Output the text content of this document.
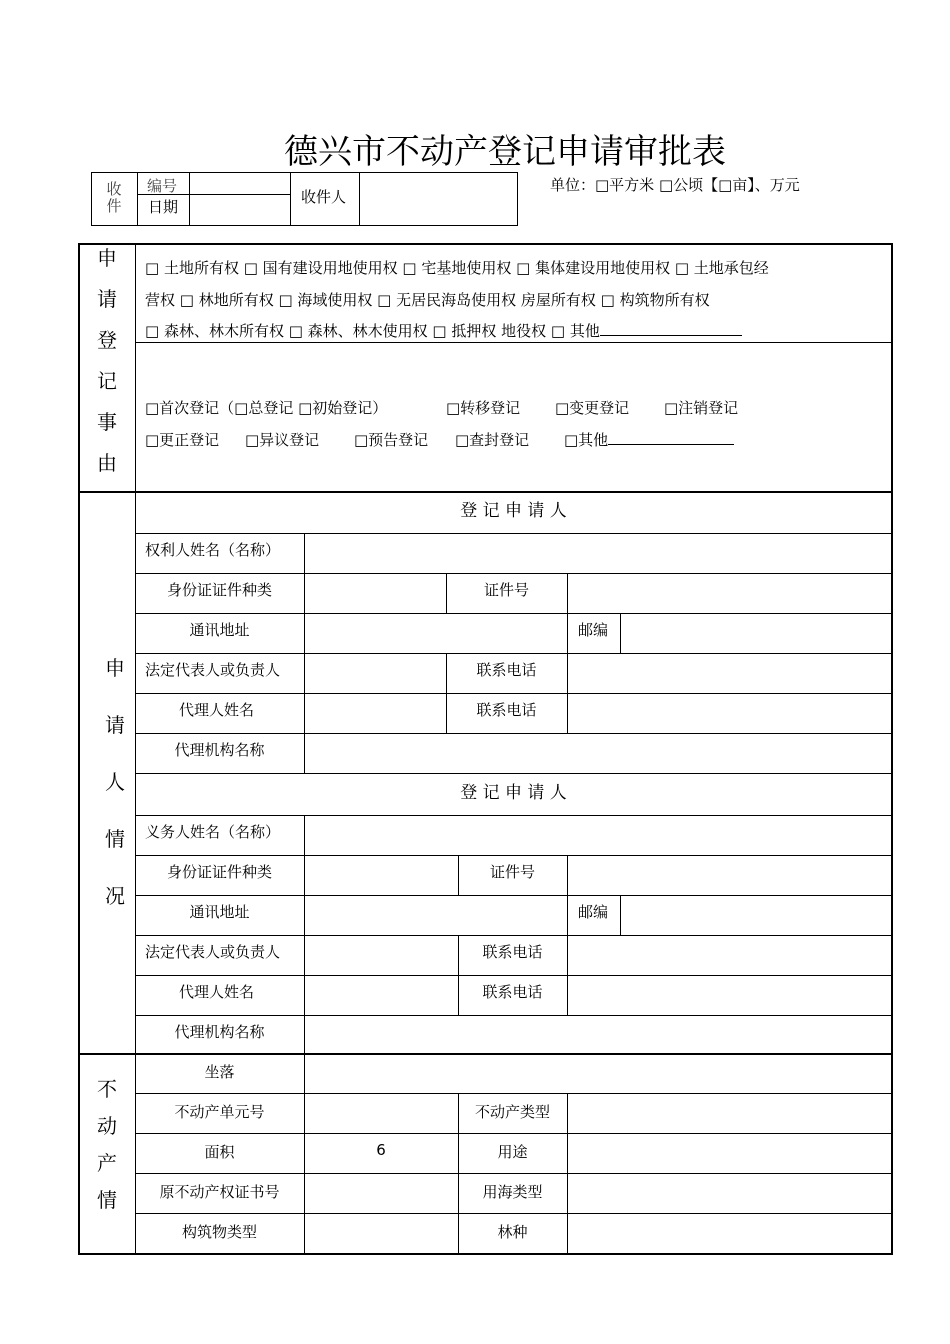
德兴市不动产登记申请审批表
单位：□平方米 □公顷【□亩】、万元
收
件
编号
日期
收件人
申
请
登
记
事
由
□ 土地所有权 □ 国有建设用地使用权 □ 宅基地使用权 □ 集体建设用地使用权 □ 土地承包经
营权 □ 林地所有权 □ 海域使用权 □ 无居民海岛使用权 房屋所有权 □ 构筑物所有权
□ 森林、林木所有权 □ 森林、林木使用权 □ 抵押权 地役权 □ 其他
□首次登记（□总登记 □初始登记）	□转移登记 □变更登记 □注销登记
□更正登记 □异议登记 □预告登记 □查封登记 □其他
申
请
人
情
况
登 记 申 请 人
权利人姓名（名称）
身份证证件种类	证件号
通讯地址	邮编
法定代表人或负责人	联系电话
代理人姓名	联系电话
代理机构名称
登 记 申 请 人
义务人姓名（名称）
身份证证件种类	证件号
通讯地址	邮编
法定代表人或负责人	联系电话
代理人姓名	联系电话
代理机构名称
不
动
产
情
坐落
不动产单元号	不动产类型
面积	6	用途
原不动产权证书号	用海类型
构筑物类型	林种
